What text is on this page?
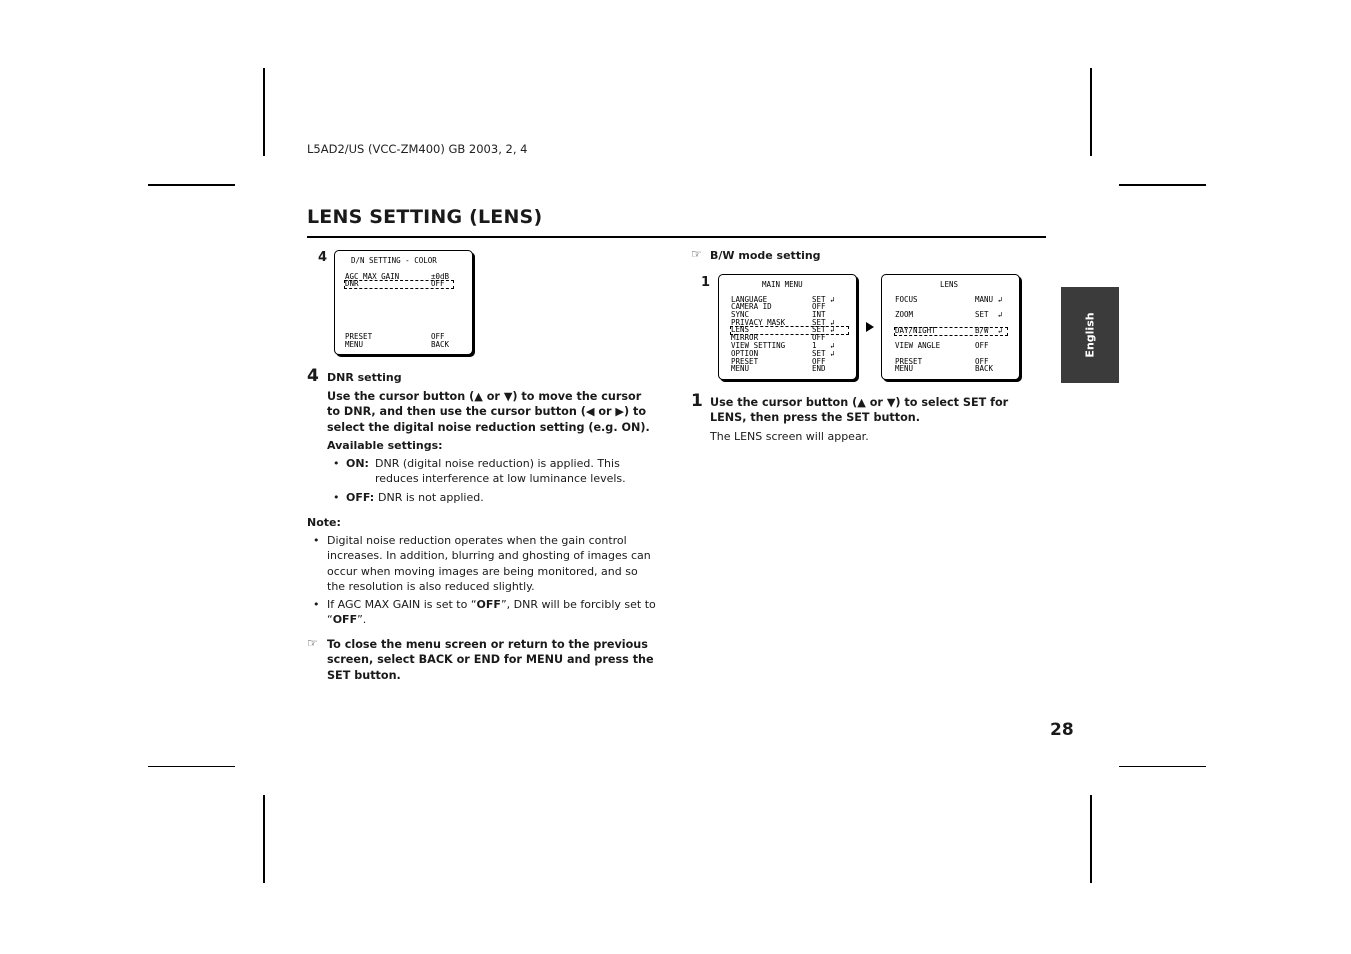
L5AD2/US (VCC-ZM400) GB 2003, 2, 4
LENS SETTING (LENS)
English
4	D/N SETTING - COLOR
AGC MAX GAIN	±0dB
DNR	OFF
PRESET	OFF
MENU	BACK
4 DNR setting
Use the cursor button (▲ or ▼) to move the cursor to DNR, and then use the cursor button (◀ or ▶) to select the digital noise reduction setting (e.g. ON).
Available settings:
• ON: DNR (digital noise reduction) is applied. This reduces interference at low luminance levels.
• OFF: DNR is not applied.
Note:
• Digital noise reduction operates when the gain control increases. In addition, blurring and ghosting of images can occur when moving images are being monitored, and so the resolution is also reduced slightly.
• If AGC MAX GAIN is set to “OFF”, DNR will be forcibly set to “OFF”.
☞ To close the menu screen or return to the previous screen, select BACK or END for MENU and press the SET button.
☞ B/W mode setting
1	MAIN MENU
LANGUAGE	SET ↲
CAMERA ID	OFF
SYNC	INT
PRIVACY MASK	SET ↲
LENS	SET ↲
MIRROR	OFF
VIEW SETTING	1   ↲
OPTION	SET ↲
PRESET	OFF
MENU	END
LENS
FOCUS	MANU ↲
ZOOM	SET  ↲
DAY/NIGHT	B/W  ↲
VIEW ANGLE	OFF
PRESET	OFF
MENU	BACK
1 Use the cursor button (▲ or ▼) to select SET for LENS, then press the SET button.
The LENS screen will appear.
28
